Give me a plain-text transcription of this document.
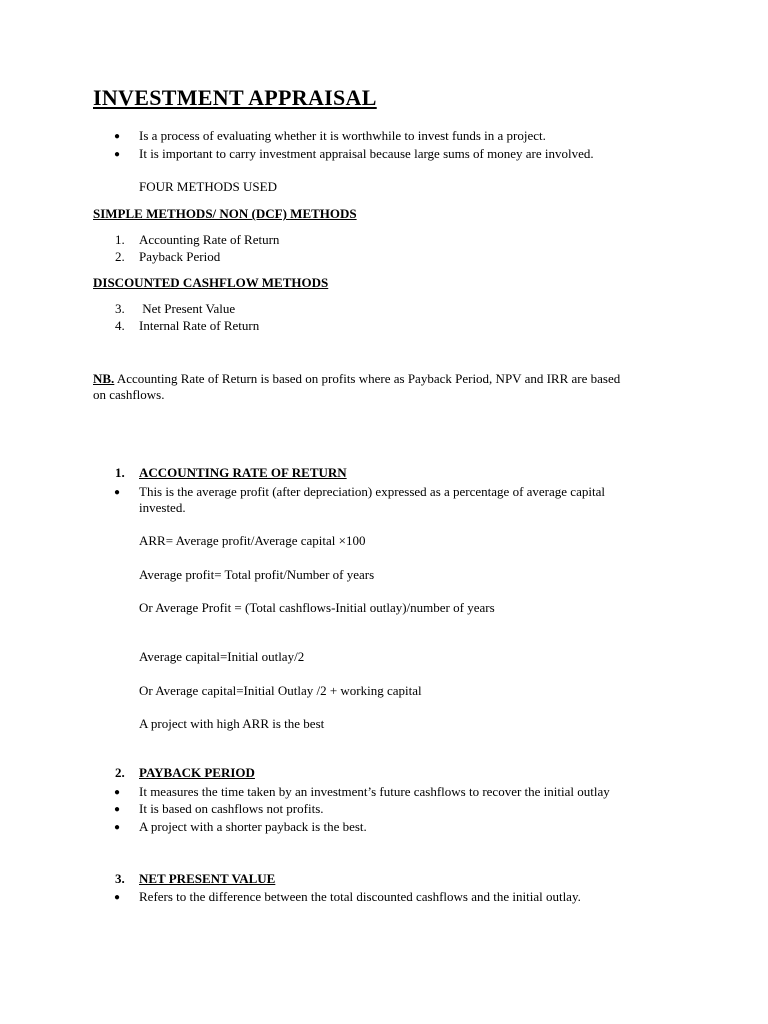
INVESTMENT APPRAISAL
● Is a process of evaluating whether it is worthwhile to invest funds in a project.
● It is important to carry investment appraisal because large sums of money are involved.
FOUR METHODS USED
SIMPLE METHODS/ NON (DCF) METHODS
1. Accounting Rate of Return
2. Payback Period
DISCOUNTED CASHFLOW METHODS
3. Net Present Value
4. Internal Rate of Return
NB. Accounting Rate of Return is based on profits where as Payback Period, NPV and IRR are based
on cashflows.
1. ACCOUNTING RATE OF RETURN
● This is the average profit (after depreciation) expressed as a percentage of average capital
invested.
ARR= Average profit/Average capital ×100
Average profit= Total profit/Number of years
Or Average Profit = (Total cashflows-Initial outlay)/number of years
Average capital=Initial outlay/2
Or Average capital=Initial Outlay /2 + working capital
A project with high ARR is the best
2. PAYBACK PERIOD
● It measures the time taken by an investment’s future cashflows to recover the initial outlay
● It is based on cashflows not profits.
● A project with a shorter payback is the best.
3. NET PRESENT VALUE
● Refers to the difference between the total discounted cashflows and the initial outlay.
